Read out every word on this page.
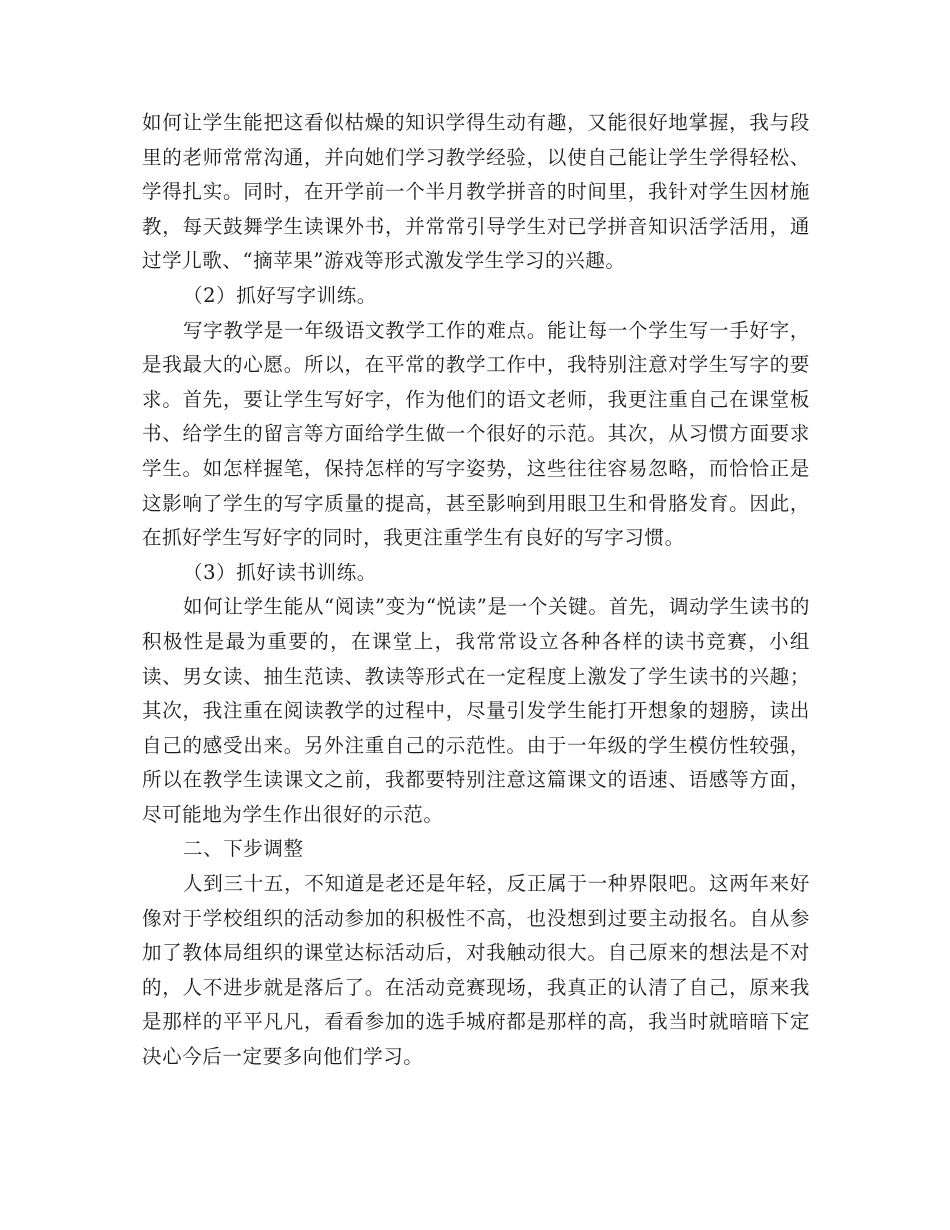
如何让学生能把这看似枯燥的知识学得生动有趣，又能很好地掌握，我与段里的老师常常沟通，并向她们学习教学经验，以使自己能让学生学得轻松、学得扎实。同时，在开学前一个半月教学拼音的时间里，我针对学生因材施教，每天鼓舞学生读课外书，并常常引导学生对已学拼音知识活学活用，通过学儿歌、“摘苹果”游戏等形式激发学生学习的兴趣。

（2）抓好写字训练。

写字教学是一年级语文教学工作的难点。能让每一个学生写一手好字，是我最大的心愿。所以，在平常的教学工作中，我特别注意对学生写字的要求。首先，要让学生写好字，作为他们的语文老师，我更注重自己在课堂板书、给学生的留言等方面给学生做一个很好的示范。其次，从习惯方面要求学生。如怎样握笔，保持怎样的写字姿势，这些往往容易忽略，而恰恰正是这影响了学生的写字质量的提高，甚至影响到用眼卫生和骨胳发育。因此，在抓好学生写好字的同时，我更注重学生有良好的写字习惯。

（3）抓好读书训练。

如何让学生能从“阅读”变为“悦读”是一个关键。首先，调动学生读书的积极性是最为重要的，在课堂上，我常常设立各种各样的读书竞赛，小组读、男女读、抽生范读、教读等形式在一定程度上激发了学生读书的兴趣；其次，我注重在阅读教学的过程中，尽量引发学生能打开想象的翅膀，读出自己的感受出来。另外注重自己的示范性。由于一年级的学生模仿性较强，所以在教学生读课文之前，我都要特别注意这篇课文的语速、语感等方面，尽可能地为学生作出很好的示范。

二、下步调整

人到三十五，不知道是老还是年轻，反正属于一种界限吧。这两年来好像对于学校组织的活动参加的积极性不高，也没想到过要主动报名。自从参加了教体局组织的课堂达标活动后，对我触动很大。自己原来的想法是不对的，人不进步就是落后了。在活动竞赛现场，我真正的认清了自己，原来我是那样的平平凡凡，看看参加的选手城府都是那样的高，我当时就暗暗下定决心今后一定要多向他们学习。
